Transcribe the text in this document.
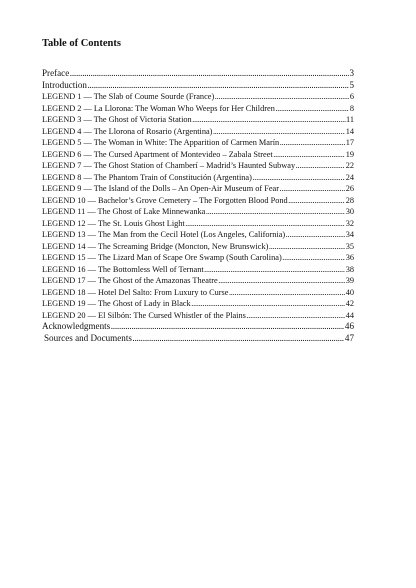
Table of Contents
Preface .....	3
Introduction .....	5
LEGEND 1 — The Slab of Coume Sourde (France) .....	6
LEGEND 2 — La Llorona: The Woman Who Weeps for Her Children .....	8
LEGEND 3 — The Ghost of Victoria Station .....	11
LEGEND 4 — The Llorona of Rosario (Argentina) .....	14
LEGEND 5 — The Woman in White: The Apparition of Carmen Marín .....	17
LEGEND 6 — The Cursed Apartment of Montevideo – Zabala Street .....	19
LEGEND 7 — The Ghost Station of Chamberí – Madrid’s Haunted Subway .....	22
LEGEND 8 — The Phantom Train of Constitución (Argentina) .....	24
LEGEND 9 — The Island of the Dolls – An Open-Air Museum of Fear .....	26
LEGEND 10 — Bachelor’s Grove Cemetery – The Forgotten Blood Pond .....	28
LEGEND 11 — The Ghost of Lake Minnewanka .....	30
LEGEND 12 — The St. Louis Ghost Light .....	32
LEGEND 13 — The Man from the Cecil Hotel (Los Angeles, California) .....	34
LEGEND 14 — The Screaming Bridge (Moncton, New Brunswick) .....	35
LEGEND 15 — The Lizard Man of Scape Ore Swamp (South Carolina) .....	36
LEGEND 16 — The Bottomless Well of Ternant .....	38
LEGEND 17 — The Ghost of the Amazonas Theatre .....	39
LEGEND 18 — Hotel Del Salto: From Luxury to Curse .....	40
LEGEND 19 — The Ghost of Lady in Black .....	42
LEGEND 20 — El Silbón: The Cursed Whistler of the Plains .....	44
Acknowledgments .....	46
Sources and Documents .....	47
